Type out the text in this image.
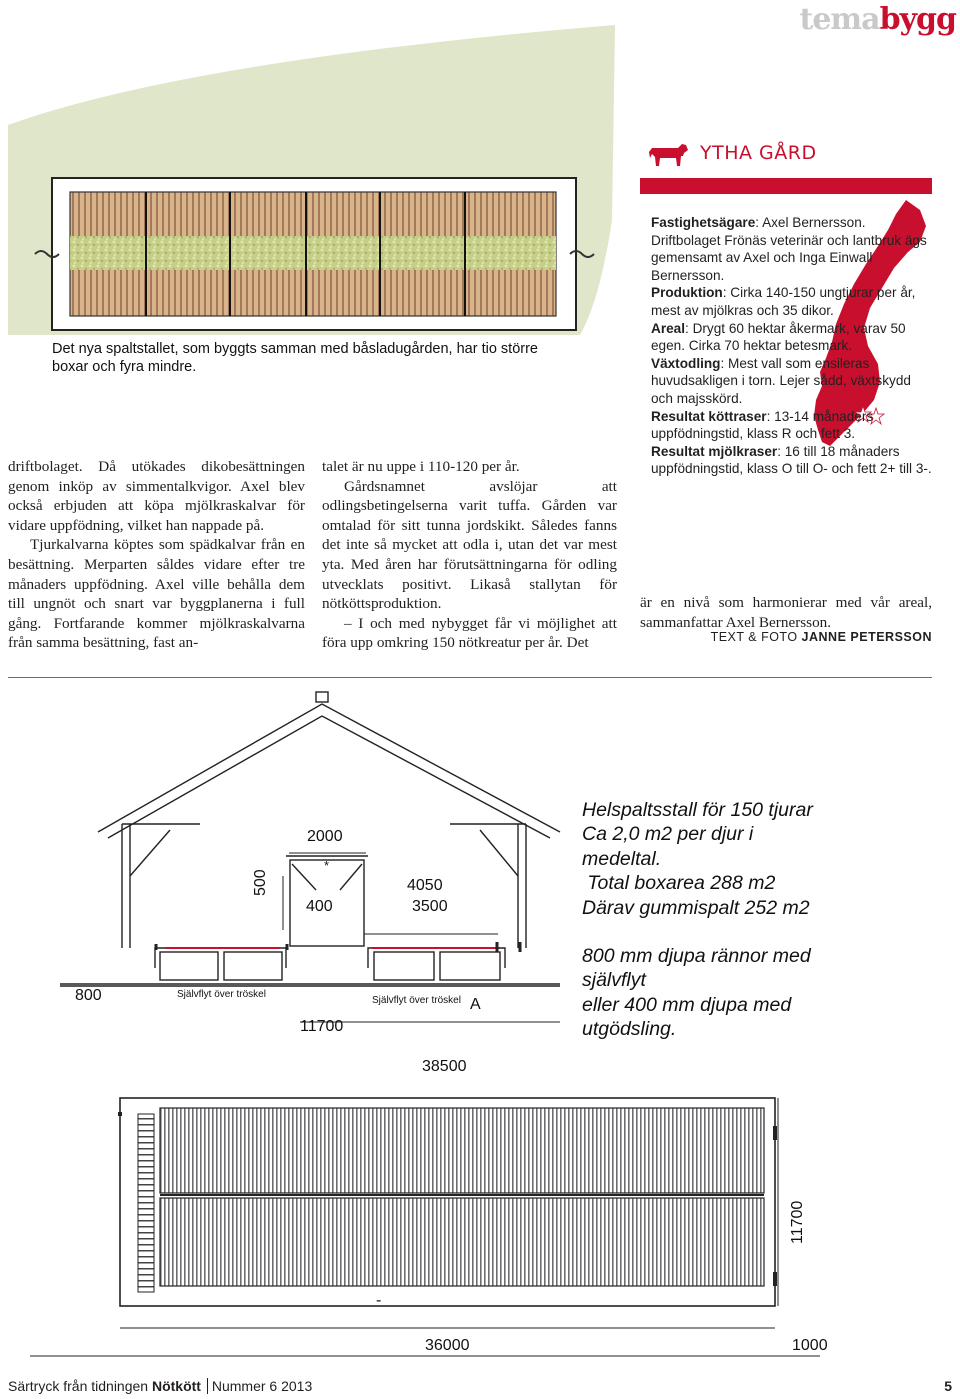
temabygg
Det nya spaltstallet, som byggts samman med båsladugården, har tio större boxar och fyra mindre.

driftbolaget. Då utökades dikobesättningen genom inköp av simmentalkvigor. Axel blev också erbjuden att köpa mjölkraskalvar för vidare uppfödning, vilket han nappade på.

Tjurkalvarna köptes som spädkalvar från en besättning. Merparten såldes vidare efter tre månaders uppfödning. Axel ville behålla dem till ungnöt och snart var byggplanerna i full gång. Fortfarande kommer mjölkraskalvarna från samma besättning, fast an-

talet är nu uppe i 110-120 per år.

Gårdsnamnet avslöjar att odlingsbetingelserna varit tuffa. Gården var omtalad för sitt tunna jordskikt. Således fanns det inte så mycket att odla i, utan det var mest yta. Med åren har förutsättningarna för odling utvecklats positivt. Likaså stallytan för nötköttsproduktion.

– I och med nybygget får vi möjlighet att föra upp omkring 150 nötkreatur per år. Det

är en nivå som harmonierar med vår areal, sammanfattar Axel Bernersson.

TEXT & FOTO JANNE PETERSSON
YTHA GÅRD

Fastighetsägare: Axel Bernersson. Driftbolaget Frönäs veterinär och lantbruk ägs gemensamt av Axel och Inga Einwall Bernersson.

Produktion: Cirka 140-150 ungtjurar per år, mest av mjölkras och 35 dikor.

Areal: Drygt 60 hektar åkermark, varav 50 egen. Cirka 70 hektar betesmark.

Växtodling: Mest vall som ensileras huvudsakligen i torn. Lejer sådd, växtskydd och majsskörd.

Resultat köttraser: 13-14 månaders uppfödningstid, klass R och fett 3.

Resultat mjölkraser: 16 till 18 månaders uppfödningstid, klass O till O- och fett 2+ till 3-.

2000
500
400
4050
3500
800	Självflyt över tröskel
Självflyt över tröskel A
*
11700

Helspaltsstall för 150 tjurar

Ca 2,0 m2 per djur i

medeltal.

Total boxarea 288 m2

Därav gummispalt 252 m2

800 mm djupa rännor med

självflyt

eller 400 mm djupa med

utgödsling.

38500
-
11700
36000	1000
Särtryck från tidningen Nötkött Nummer 6 2013	5
